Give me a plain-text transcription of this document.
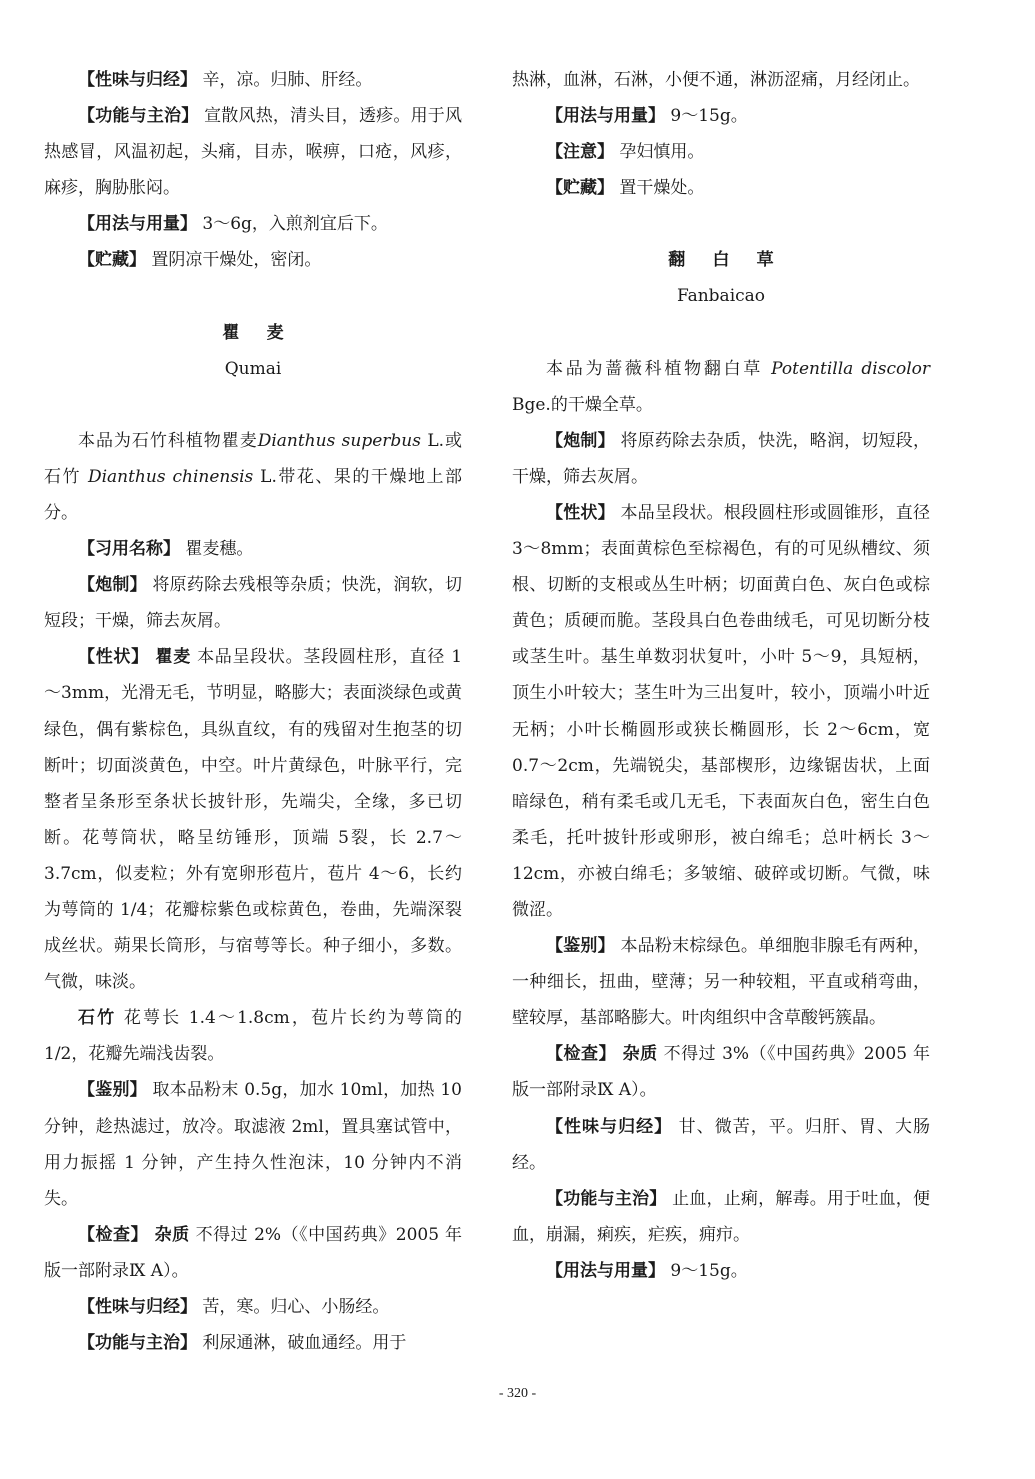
【性味与归经】 辛，凉。归肺、肝经。

【功能与主治】 宣散风热，清头目，透疹。用于风热感冒，风温初起，头痛，目赤，喉痹，口疮，风疹，麻疹，胸胁胀闷。

【用法与用量】 3～6g，入煎剂宜后下。

【贮藏】 置阴凉干燥处，密闭。

瞿麦

Qumai

本品为石竹科植物瞿麦Dianthus superbus L.或石竹 Dianthus chinensis L.带花、果的干燥地上部分。

【习用名称】 瞿麦穗。

【炮制】 将原药除去残根等杂质；快洗，润软，切短段；干燥，筛去灰屑。

【性状】 瞿麦 本品呈段状。茎段圆柱形，直径 1～3mm，光滑无毛，节明显，略膨大；表面淡绿色或黄绿色，偶有紫棕色，具纵直纹，有的残留对生抱茎的切断叶；切面淡黄色，中空。叶片黄绿色，叶脉平行，完整者呈条形至条状长披针形，先端尖，全缘，多已切断。花萼筒状，略呈纺锤形，顶端 5裂，长 2.7～3.7cm，似麦粒；外有宽卵形苞片，苞片 4～6，长约为萼筒的 1/4；花瓣棕紫色或棕黄色，卷曲，先端深裂成丝状。蒴果长筒形，与宿萼等长。种子细小，多数。气微，味淡。

石竹 花萼长 1.4～1.8cm，苞片长约为萼筒的 1/2，花瓣先端浅齿裂。

【鉴别】 取本品粉末 0.5g，加水 10ml，加热 10 分钟，趁热滤过，放冷。取滤液 2ml，置具塞试管中，用力振摇 1 分钟，产生持久性泡沫，10 分钟内不消失。

【检查】 杂质 不得过 2%（《中国药典》2005 年版一部附录Ⅸ A）。

【性味与归经】 苦，寒。归心、小肠经。

【功能与主治】 利尿通淋，破血通经。用于

热淋，血淋，石淋，小便不通，淋沥涩痛，月经闭止。

【用法与用量】 9～15g。

【注意】 孕妇慎用。

【贮藏】 置干燥处。

翻白草

Fanbaicao

本品为蔷薇科植物翻白草 Potentilla discolor Bge.的干燥全草。

【炮制】 将原药除去杂质，快洗，略润，切短段，干燥，筛去灰屑。

【性状】 本品呈段状。根段圆柱形或圆锥形，直径 3～8mm；表面黄棕色至棕褐色，有的可见纵槽纹、须根、切断的支根或丛生叶柄；切面黄白色、灰白色或棕黄色；质硬而脆。茎段具白色卷曲绒毛，可见切断分枝或茎生叶。基生单数羽状复叶，小叶 5～9，具短柄，顶生小叶较大；茎生叶为三出复叶，较小，顶端小叶近无柄；小叶长椭圆形或狭长椭圆形，长 2～6cm，宽 0.7～2cm，先端锐尖，基部楔形，边缘锯齿状，上面暗绿色，稍有柔毛或几无毛，下表面灰白色，密生白色柔毛，托叶披针形或卵形，被白绵毛；总叶柄长 3～12cm，亦被白绵毛；多皱缩、破碎或切断。气微，味微涩。

【鉴别】 本品粉末棕绿色。单细胞非腺毛有两种，一种细长，扭曲，壁薄；另一种较粗，平直或稍弯曲，壁较厚，基部略膨大。叶肉组织中含草酸钙簇晶。

【检查】 杂质 不得过 3%（《中国药典》2005 年版一部附录Ⅸ A）。

【性味与归经】 甘、微苦，平。归肝、胃、大肠经。

【功能与主治】 止血，止痢，解毒。用于吐血，便血，崩漏，痢疾，疟疾，痈疖。

【用法与用量】 9～15g。

- 320 -
